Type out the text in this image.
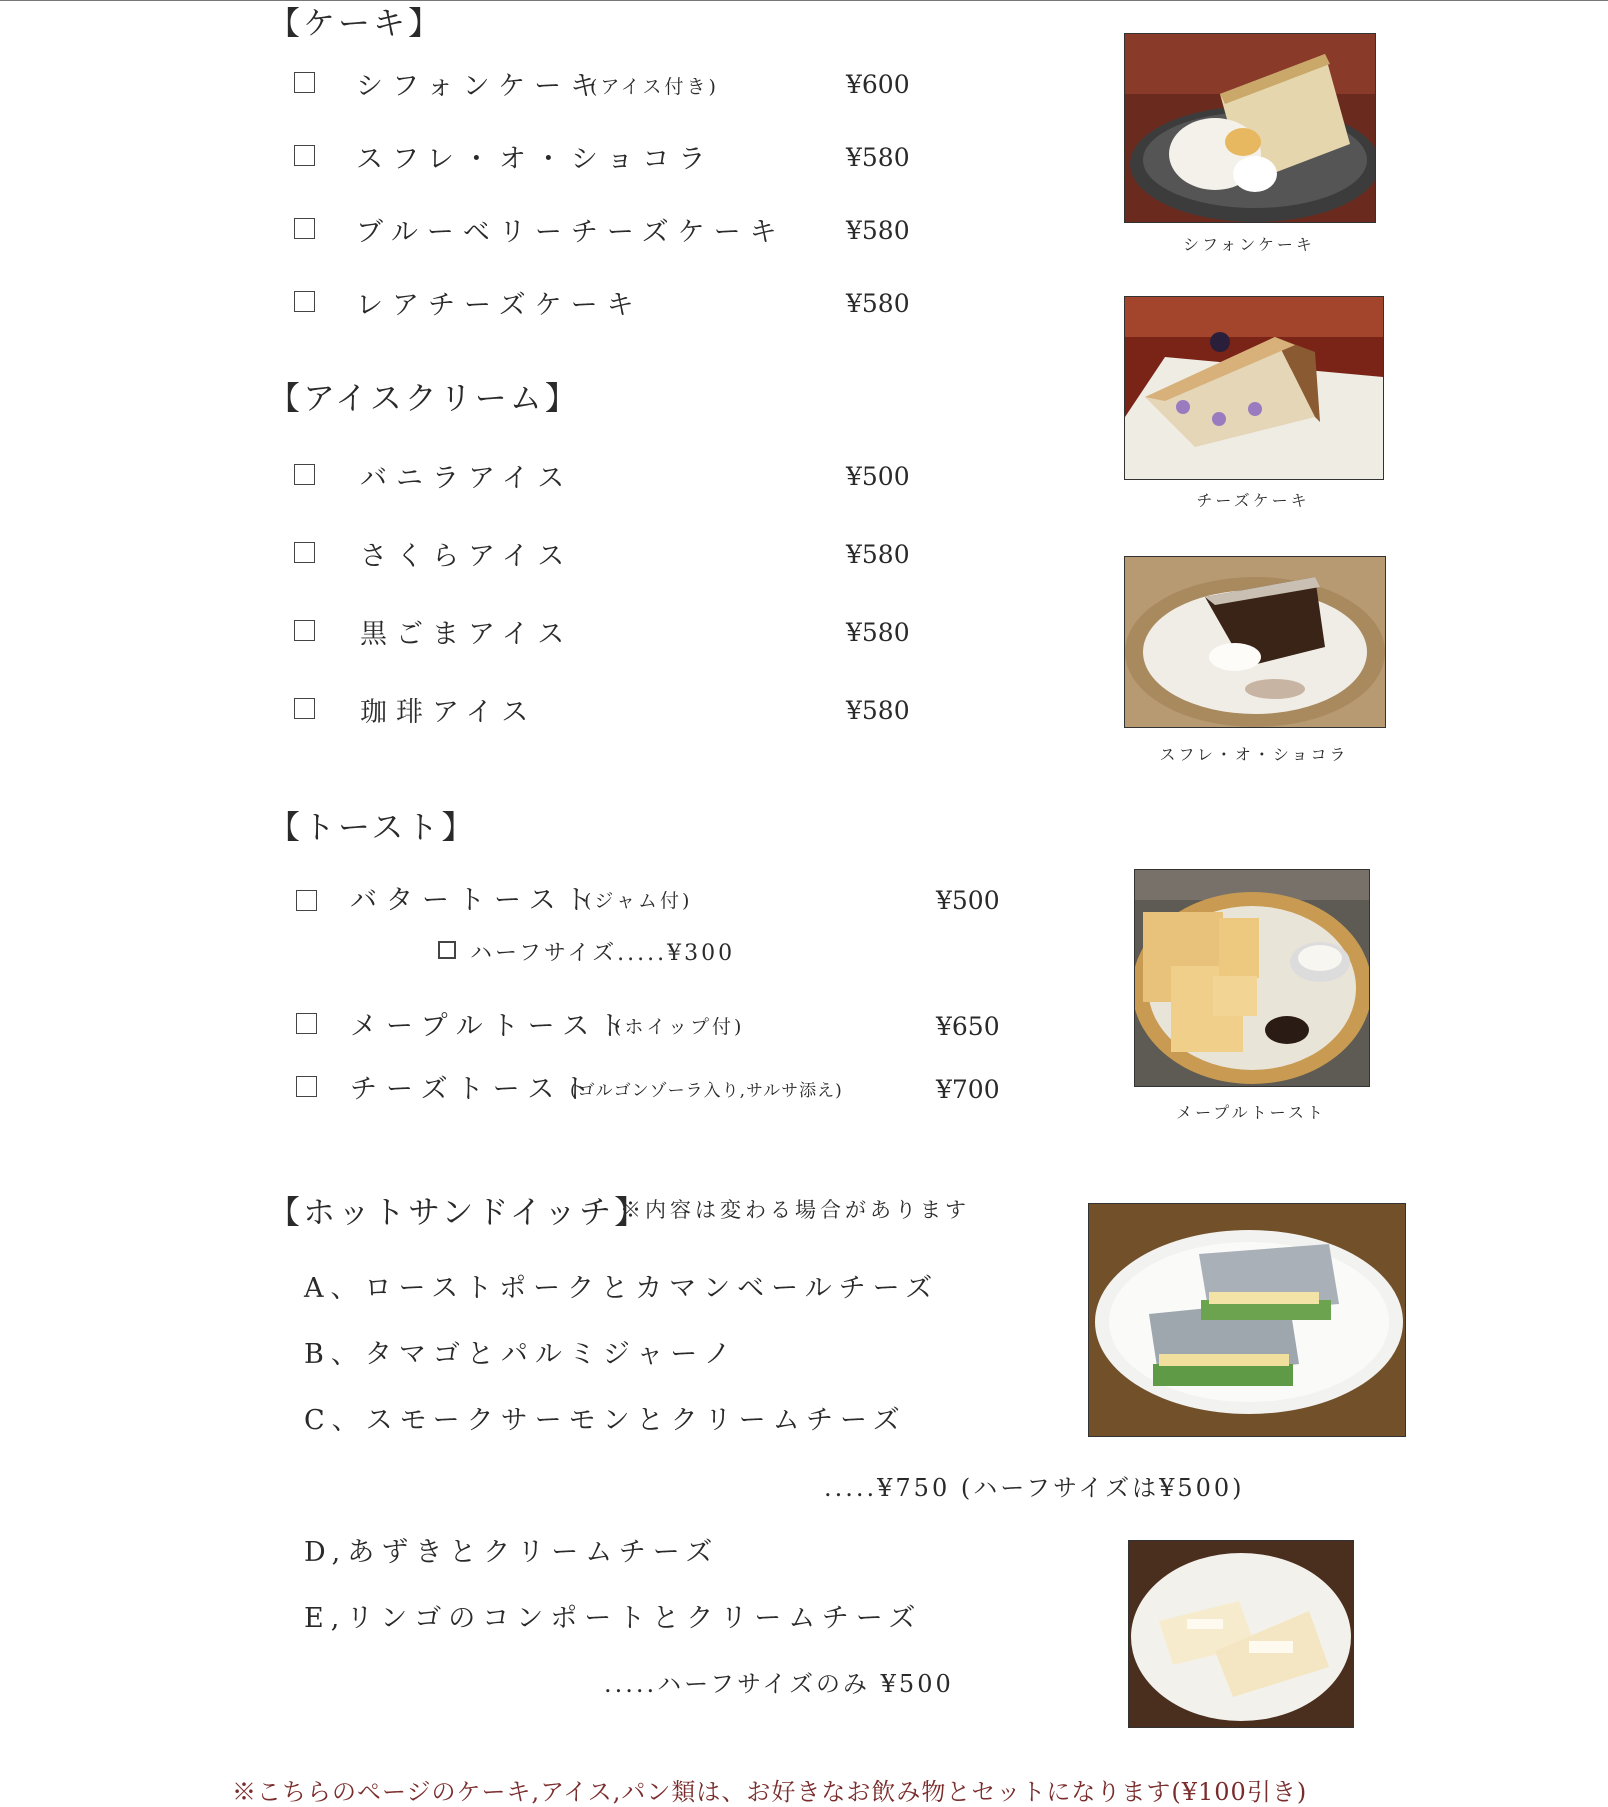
【ケーキ】
シフォンケーキ
(アイス付き)	¥600
スフレ・オ・ショコラ	¥580
ブルーベリーチーズケーキ ¥580
レアチーズケーキ	¥580
【アイスクリーム】
バニラアイス	¥500
さくらアイス	¥580
黒ごまアイス	¥580
珈琲アイス	¥580
【トースト】
バタートースト
(ジャム付)	¥500
ハーフサイズ.....¥300
メープルトースト
(ホイップ付)	¥650
チーズトースト
(ゴルゴンゾーラ入り,サルサ添え)	¥700
【ホットサンドイッチ】
※内容は変わる場合があります
A、ローストポークとカマンベールチーズ
B、タマゴとパルミジャーノ
C、スモークサーモンとクリームチーズ
.....¥750 (ハーフサイズは¥500)
D,あずきとクリームチーズ
E,リンゴのコンポートとクリームチーズ
.....ハーフサイズのみ ¥500
シフォンケーキ
チーズケーキ
スフレ・オ・ショコラ
メープルトースト
※こちらのページのケーキ,アイス,パン類は、お好きなお飲み物とセットになります(¥100引き)
